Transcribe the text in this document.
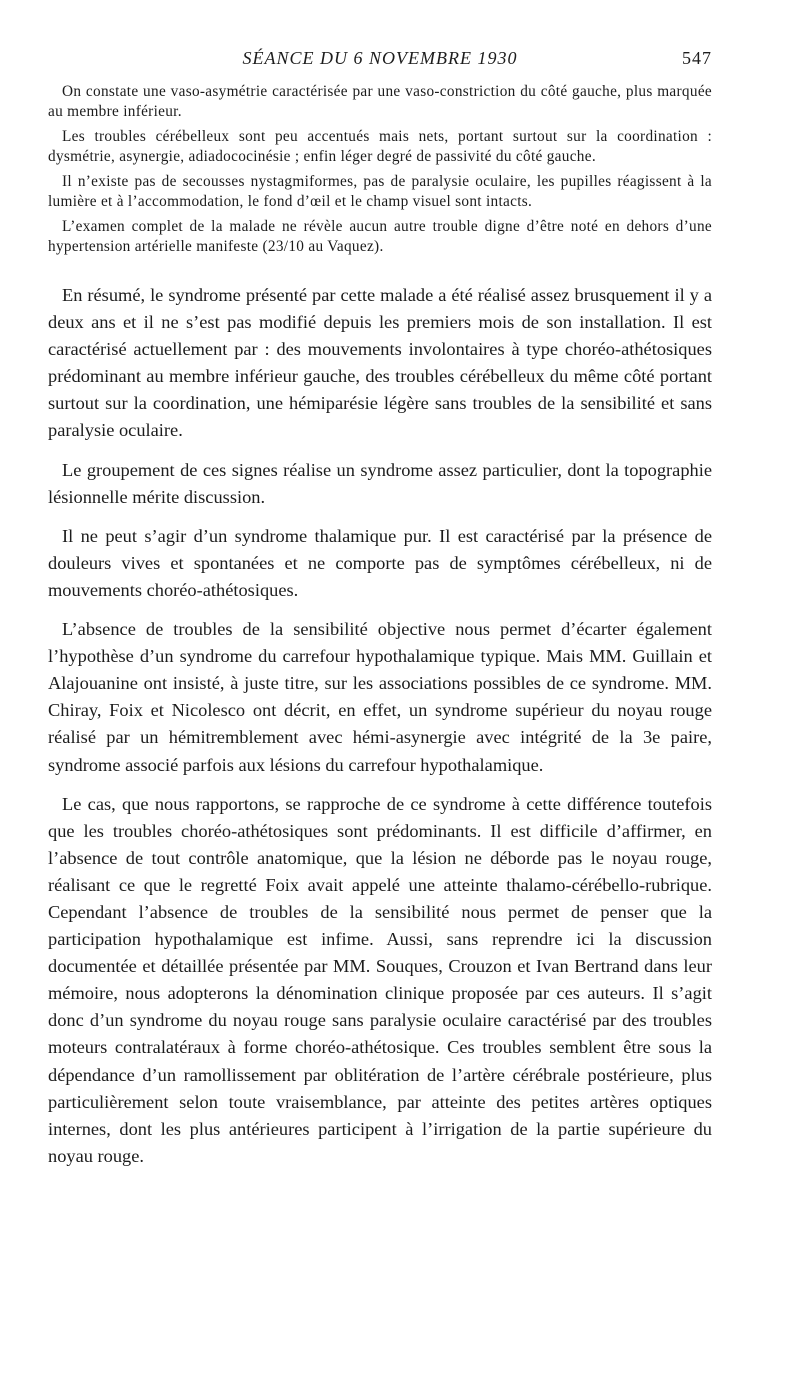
SÉANCE DU 6 NOVEMBRE 1930	547

On constate une vaso-asymétrie caractérisée par une vaso-constriction du côté gauche, plus marquée au membre inférieur.

Les troubles cérébelleux sont peu accentués mais nets, portant surtout sur la coordination : dysmétrie, asynergie, adiadococinésie ; enfin léger degré de passivité du côté gauche.

Il n’existe pas de secousses nystagmiformes, pas de paralysie oculaire, les pupilles réagissent à la lumière et à l’accommodation, le fond d’œil et le champ visuel sont intacts.

L’examen complet de la malade ne révèle aucun autre trouble digne d’être noté en dehors d’une hypertension artérielle manifeste (23/10 au Vaquez).

En résumé, le syndrome présenté par cette malade a été réalisé assez brusquement il y a deux ans et il ne s’est pas modifié depuis les premiers mois de son installation. Il est caractérisé actuellement par : des mouvements involontaires à type choréo-athétosiques prédominant au membre inférieur gauche, des troubles cérébelleux du même côté portant surtout sur la coordination, une hémiparésie légère sans troubles de la sensibilité et sans paralysie oculaire.

Le groupement de ces signes réalise un syndrome assez particulier, dont la topographie lésionnelle mérite discussion.

Il ne peut s’agir d’un syndrome thalamique pur. Il est caractérisé par la présence de douleurs vives et spontanées et ne comporte pas de symptômes cérébelleux, ni de mouvements choréo-athétosiques.

L’absence de troubles de la sensibilité objective nous permet d’écarter également l’hypothèse d’un syndrome du carrefour hypothalamique typique. Mais MM. Guillain et Alajouanine ont insisté, à juste titre, sur les associations possibles de ce syndrome. MM. Chiray, Foix et Nicolesco ont décrit, en effet, un syndrome supérieur du noyau rouge réalisé par un hémitremblement avec hémi-asynergie avec intégrité de la 3e paire, syndrome associé parfois aux lésions du carrefour hypothalamique.

Le cas, que nous rapportons, se rapproche de ce syndrome à cette différence toutefois que les troubles choréo-athétosiques sont prédominants. Il est difficile d’affirmer, en l’absence de tout contrôle anatomique, que la lésion ne déborde pas le noyau rouge, réalisant ce que le regretté Foix avait appelé une atteinte thalamo-cérébello-rubrique. Cependant l’absence de troubles de la sensibilité nous permet de penser que la participation hypothalamique est infime. Aussi, sans reprendre ici la discussion documentée et détaillée présentée par MM. Souques, Crouzon et Ivan Bertrand dans leur mémoire, nous adopterons la dénomination clinique proposée par ces auteurs. Il s’agit donc d’un syndrome du noyau rouge sans paralysie oculaire caractérisé par des troubles moteurs contralatéraux à forme choréo-athétosique. Ces troubles semblent être sous la dépendance d’un ramollissement par oblitération de l’artère cérébrale postérieure, plus particulièrement selon toute vraisemblance, par atteinte des petites artères optiques internes, dont les plus antérieures participent à l’irrigation de la partie supérieure du noyau rouge.
